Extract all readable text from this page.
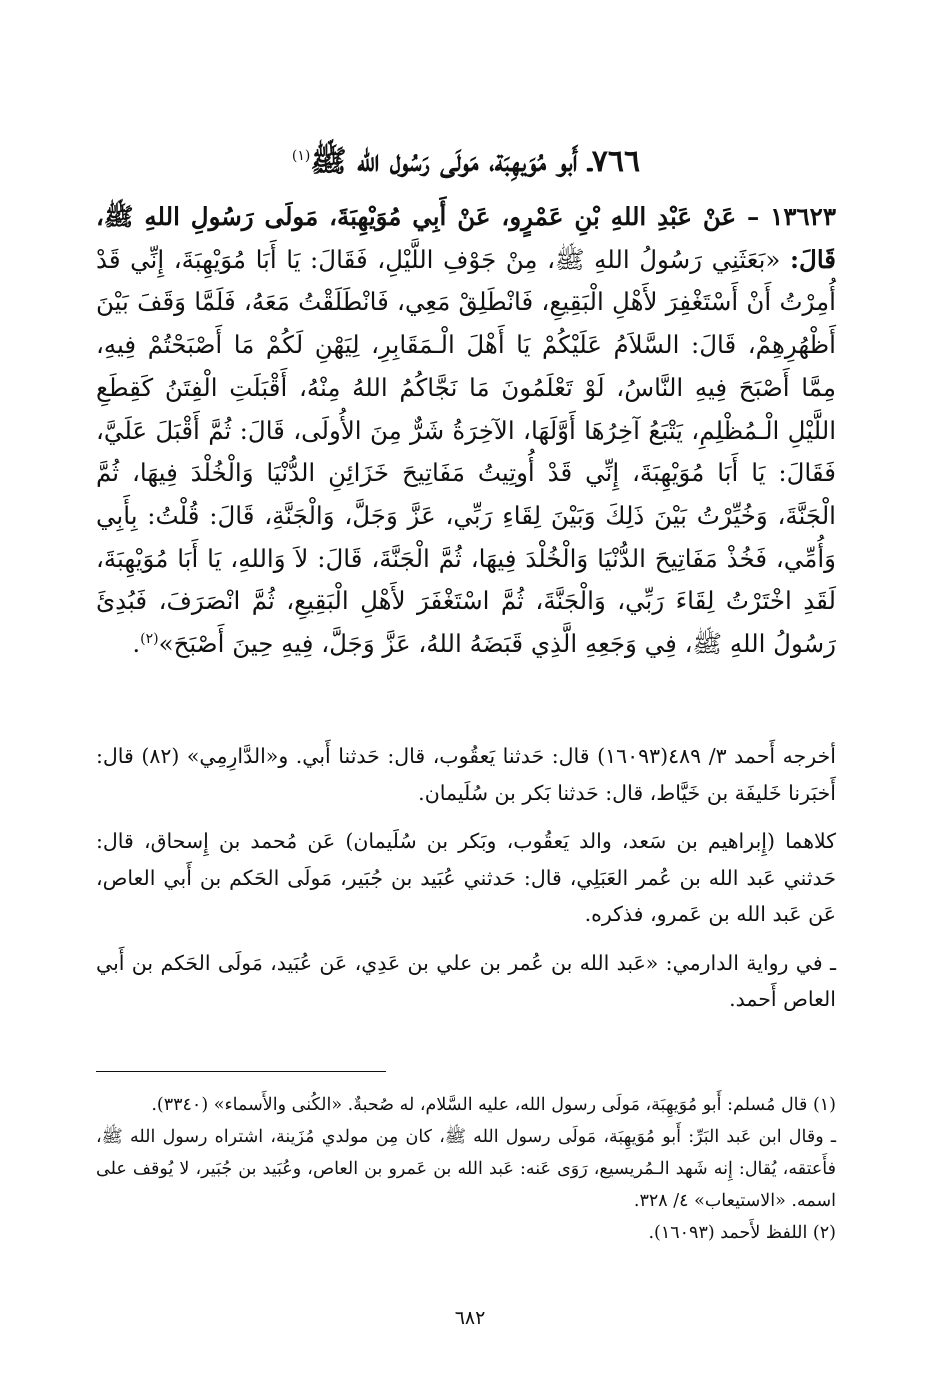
٧٦٦ـ أَبو مُوَيهِبَة، مَولَى رَسُول الله ﷺ$^{(١)}$
١٣٦٢٣ – عَنْ عَبْدِ اللهِ بْنِ عَمْرٍو، عَنْ أَبِي مُوَيْهِبَةَ، مَولَى رَسُولِ اللهِ ﷺ، قَالَ: «بَعَثَنِي رَسُولُ اللهِ ﷺ، مِنْ جَوْفِ اللَّيْلِ، فَقَالَ: يَا أَبَا مُوَيْهِبَةَ، إِنِّي قَدْ أُمِرْتُ أَنْ أَسْتَغْفِرَ لأَهْلِ الْبَقِيعِ، فَانْطَلِقْ مَعِي، فَانْطَلَقْتُ مَعَهُ، فَلَمَّا وَقَفَ بَيْنَ أَظْهُرِهِمْ، قَالَ: السَّلاَمُ عَلَيْكُمْ يَا أَهْلَ الْـمَقَابِرِ، لِيَهْنِ لَكُمْ مَا أَصْبَحْتُمْ فِيهِ، مِمَّا أَصْبَحَ فِيهِ النَّاسُ، لَوْ تَعْلَمُونَ مَا نَجَّاكُمُ اللهُ مِنْهُ، أَقْبَلَتِ الْفِتَنُ كَقِطَعِ اللَّيْلِ الْـمُظْلِمِ، يَتْبَعُ آخِرُهَا أَوَّلَهَا، الآخِرَةُ شَرٌّ مِنَ الأُولَى، قَالَ: ثُمَّ أَقْبَلَ عَلَيَّ، فَقَالَ: يَا أَبَا مُوَيْهِبَةَ، إِنِّي قَدْ أُوتِيتُ مَفَاتِيحَ خَزَائِنِ الدُّنْيَا وَالْخُلْدَ فِيهَا، ثُمَّ الْجَنَّةَ، وَخُيِّرْتُ بَيْنَ ذَلِكَ وَبَيْنَ لِقَاءِ رَبِّي، عَزَّ وَجَلَّ، وَالْجَنَّةِ، قَالَ: قُلْتُ: بِأَبِي وَأُمِّي، فَخُذْ مَفَاتِيحَ الدُّنْيَا وَالْخُلْدَ فِيهَا، ثُمَّ الْجَنَّةَ، قَالَ: لاَ وَاللهِ، يَا أَبَا مُوَيْهِبَةَ، لَقَدِ اخْتَرْتُ لِقَاءَ رَبِّي، وَالْجَنَّةَ، ثُمَّ اسْتَغْفَرَ لأَهْلِ الْبَقِيعِ، ثُمَّ انْصَرَفَ، فَبُدِئَ رَسُولُ اللهِ ﷺ، فِي وَجَعِهِ الَّذِي قَبَضَهُ اللهُ، عَزَّ وَجَلَّ، فِيهِ حِينَ أَصْبَحَ»$^{(٢)}$.

أخرجه أَحمد ٣/ ٤٨٩(١٦٠٩٣) قال: حَدثنا يَعقُوب، قال: حَدثنا أَبي. و«الدَّارِمِي» (٨٢) قال: أَخبَرنا خَليفَة بن خَيَّاط، قال: حَدثنا بَكر بن سُلَيمان.

كلاهما (إِبراهيم بن سَعد، والد يَعقُوب، وبَكر بن سُلَيمان) عَن مُحمد بن إِسحاق، قال: حَدثني عَبد الله بن عُمر العَبَلِي، قال: حَدثني عُبَيد بن جُبَير، مَولَى الحَكم بن أَبي العاص، عَن عَبد الله بن عَمرو، فذكره.

ـ في رواية الدارمي: «عَبد الله بن عُمر بن علي بن عَدِي، عَن عُبَيد، مَولَى الحَكم بن أَبي العاص أَحمد.

(١) قال مُسلم: أَبو مُوَيهِبَة، مَولَى رسول الله، عليه السَّلام، له صُحبةٌ. «الكُنى والأَسماء» (٣٣٤٠).

ـ وقال ابن عَبد البَرِّ: أَبو مُوَيهِبَة، مَولَى رسول الله ﷺ، كان مِن مولدي مُزَينة، اشتراه رسول الله ﷺ، فأَعتقه، يُقال: إِنه شَهد الـمُريسيع، رَوَى عَنه: عَبد الله بن عَمرو بن العاص، وعُبَيد بن جُبَير، لا يُوقف على اسمه. «الاستيعاب» ٤/ ٣٢٨.

(٢) اللفظ لأَحمد (١٦٠٩٣).

٦٨٢
